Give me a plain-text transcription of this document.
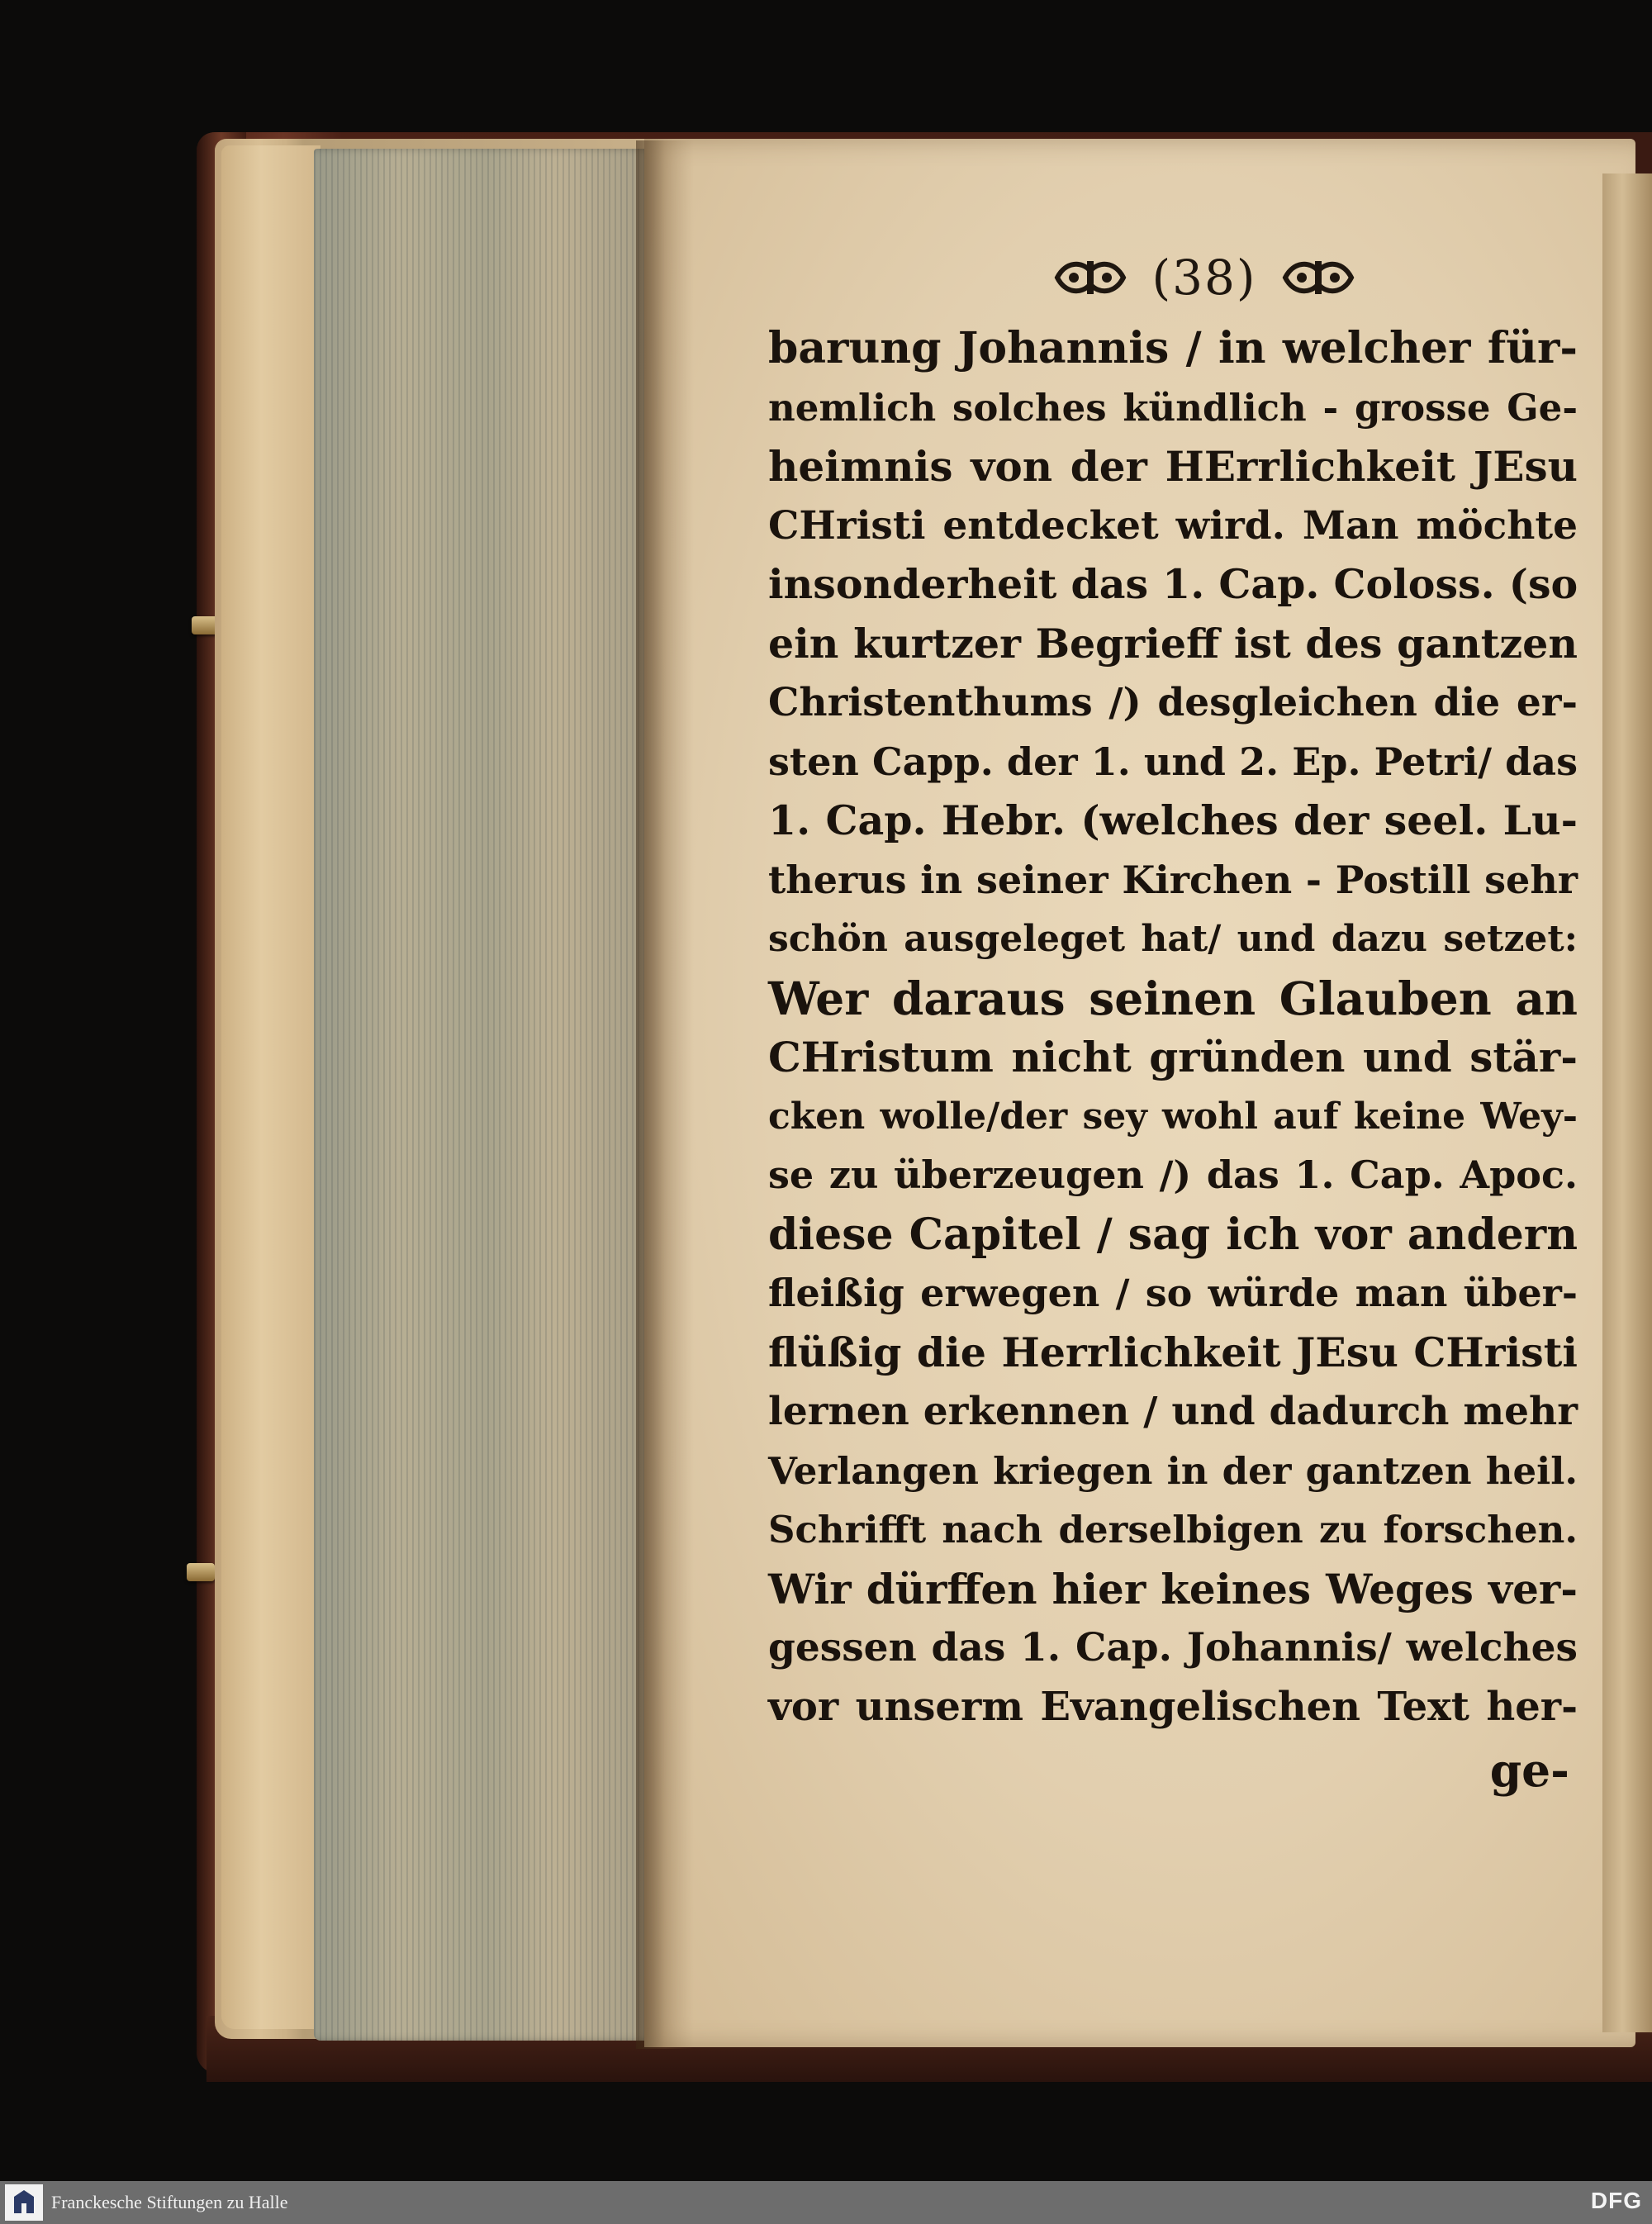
(38)
barung Johannis / in welcher für-
nemlich solches kündlich - grosse Ge-
heimnis von der HErrlichkeit JEsu
CHristi entdecket wird. Man möchte
insonderheit das 1. Cap. Coloss. (so
ein kurtzer Begrieff ist des gantzen
Christenthums /) desgleichen die er-
sten Capp. der 1. und 2. Ep. Petri/ das
1. Cap. Hebr. (welches der seel. Lu-
therus in seiner Kirchen - Postill sehr
schön ausgeleget hat/ und dazu setzet:
Wer daraus seinen Glauben an
CHristum nicht gründen und stär-
cken wolle/der sey wohl auf keine Wey-
se zu überzeugen /) das 1. Cap. Apoc.
diese Capitel / sag ich vor andern
fleißig erwegen / so würde man über-
flüßig die Herrlichkeit JEsu CHristi
lernen erkennen / und dadurch mehr
Verlangen kriegen in der gantzen heil.
Schrifft nach derselbigen zu forschen.
Wir dürffen hier keines Weges ver-
gessen das 1. Cap. Johannis/ welches
vor unserm Evangelischen Text her-
ge-
Franckesche Stiftungen zu Halle	DFG
